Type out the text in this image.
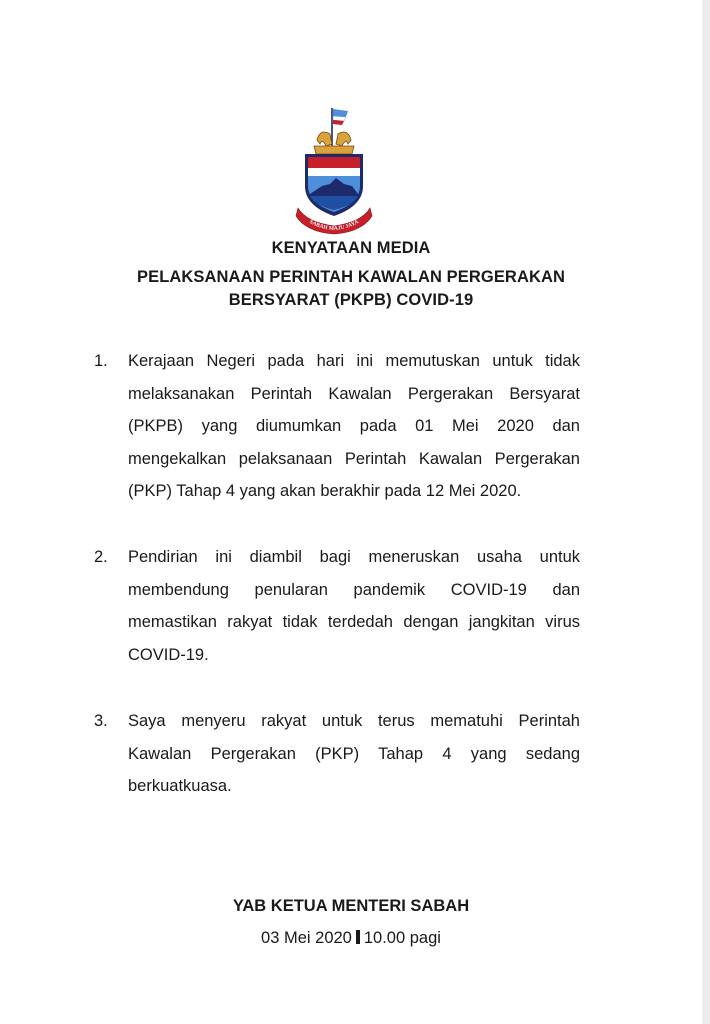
SABAH MAJU JAYA
KENYATAAN MEDIA
PELAKSANAAN PERINTAH KAWALAN PERGERAKAN
BERSYARAT (PKPB) COVID-19
1. Kerajaan Negeri pada hari ini memutuskan untuk tidak
melaksanakan Perintah Kawalan Pergerakan Bersyarat
(PKPB) yang diumumkan pada 01 Mei 2020 dan
mengekalkan pelaksanaan Perintah Kawalan Pergerakan
(PKP) Tahap 4 yang akan berakhir pada 12 Mei 2020.
2. Pendirian ini diambil bagi meneruskan usaha untuk
membendung penularan pandemik COVID-19 dan
memastikan rakyat tidak terdedah dengan jangkitan virus
COVID-19.
3. Saya menyeru rakyat untuk terus mematuhi Perintah
Kawalan Pergerakan (PKP) Tahap 4 yang sedang
berkuatkuasa.
YAB KETUA MENTERI SABAH
03 Mei 2020 10.00 pagi
